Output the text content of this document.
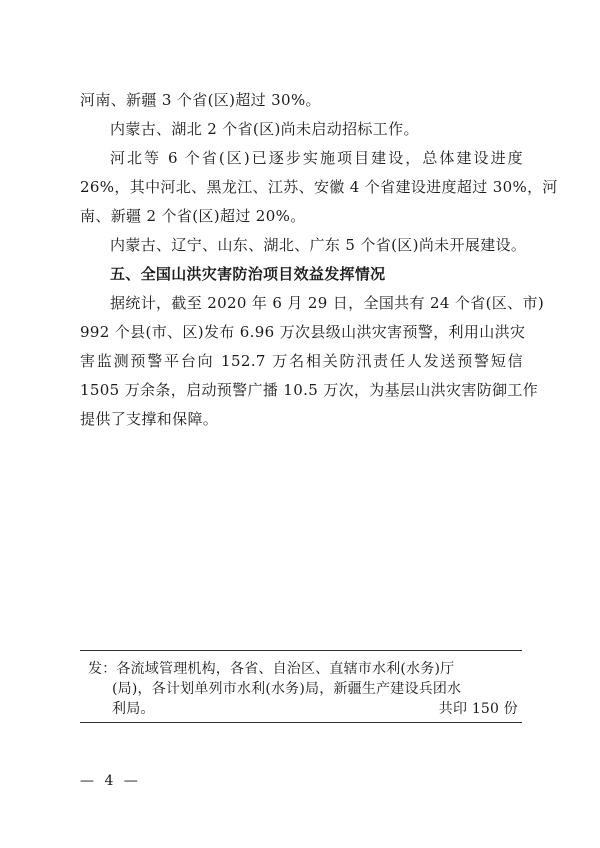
河南、新疆 3 个省(区)超过 30%。
内蒙古、湖北 2 个省(区)尚未启动招标工作。
河北等 6 个省(区)已逐步实施项目建设，总体建设进度
26%，其中河北、黑龙江、江苏、安徽 4 个省建设进度超过 30%，河
南、新疆 2 个省(区)超过 20%。
内蒙古、辽宁、山东、湖北、广东 5 个省(区)尚未开展建设。
五、全国山洪灾害防治项目效益发挥情况
据统计，截至 2020 年 6 月 29 日，全国共有 24 个省(区、市)
992 个县(市、区)发布 6.96 万次县级山洪灾害预警，利用山洪灾
害监测预警平台向 152.7 万名相关防汛责任人发送预警短信
1505 万余条，启动预警广播 10.5 万次，为基层山洪灾害防御工作
提供了支撑和保障。
发：各流域管理机构，各省、自治区、直辖市水利(水务)厅
(局)，各计划单列市水利(水务)局，新疆生产建设兵团水
利局。	共印 150 份
— 4 —
